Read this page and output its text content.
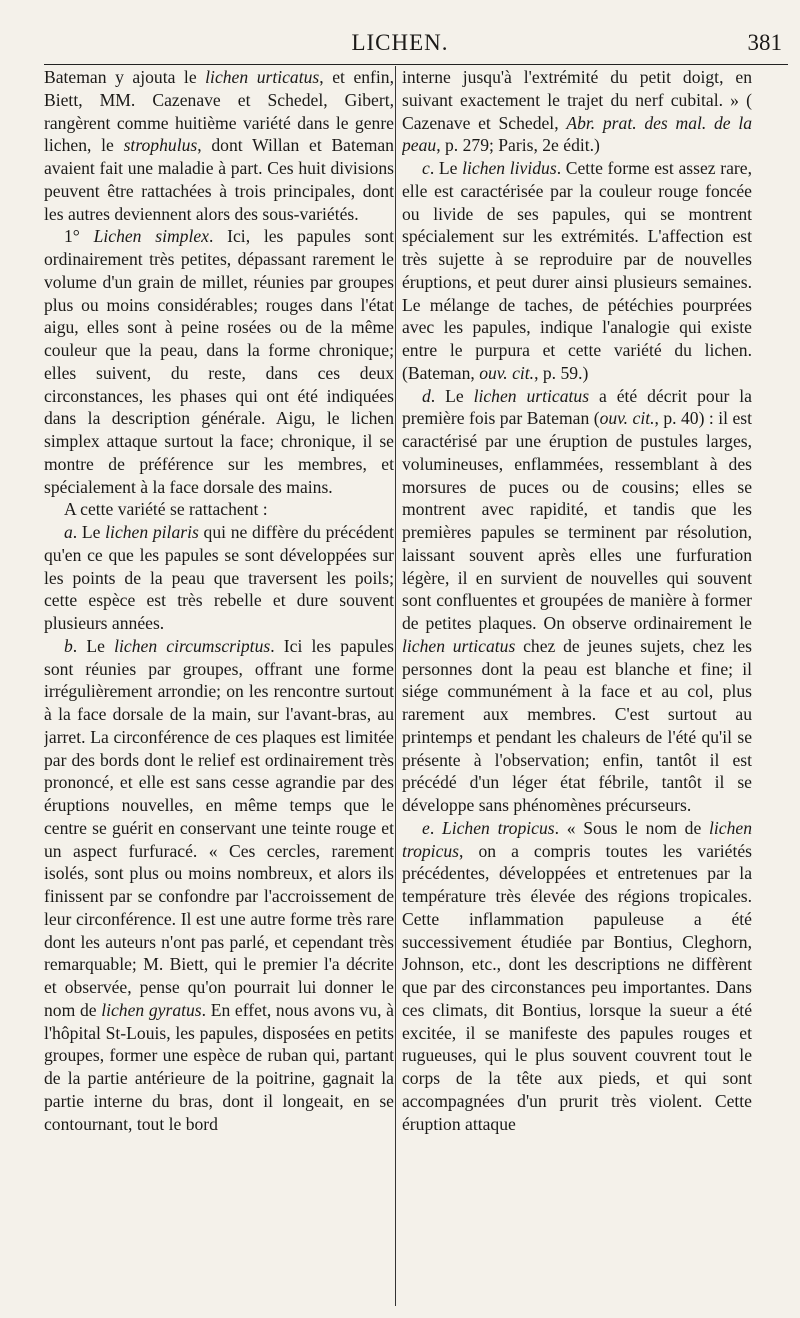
LICHEN.	381

Bateman y ajouta le lichen urticatus, et enfin, Biett, MM. Cazenave et Schedel, Gibert, rangèrent comme huitième variété dans le genre lichen, le strophulus, dont Willan et Bateman avaient fait une maladie à part. Ces huit divisions peuvent être rattachées à trois principales, dont les autres deviennent alors des sous-variétés.

1° Lichen simplex. Ici, les papules sont ordinairement très petites, dépassant rarement le volume d'un grain de millet, réunies par groupes plus ou moins considérables; rouges dans l'état aigu, elles sont à peine rosées ou de la même couleur que la peau, dans la forme chronique; elles suivent, du reste, dans ces deux circonstances, les phases qui ont été indiquées dans la description générale. Aigu, le lichen simplex attaque surtout la face; chronique, il se montre de préférence sur les membres, et spécialement à la face dorsale des mains.

A cette variété se rattachent :

a. Le lichen pilaris qui ne diffère du précédent qu'en ce que les papules se sont développées sur les points de la peau que traversent les poils; cette espèce est très rebelle et dure souvent plusieurs années.

b. Le lichen circumscriptus. Ici les papules sont réunies par groupes, offrant une forme irrégulièrement arrondie; on les rencontre surtout à la face dorsale de la main, sur l'avant-bras, au jarret. La circonférence de ces plaques est limitée par des bords dont le relief est ordinairement très prononcé, et elle est sans cesse agrandie par des éruptions nouvelles, en même temps que le centre se guérit en conservant une teinte rouge et un aspect furfuracé. « Ces cercles, rarement isolés, sont plus ou moins nombreux, et alors ils finissent par se confondre par l'accroissement de leur circonférence. Il est une autre forme très rare dont les auteurs n'ont pas parlé, et cependant très remarquable; M. Biett, qui le premier l'a décrite et observée, pense qu'on pourrait lui donner le nom de lichen gyratus. En effet, nous avons vu, à l'hôpital St-Louis, les papules, disposées en petits groupes, former une espèce de ruban qui, partant de la partie antérieure de la poitrine, gagnait la partie interne du bras, dont il longeait, en se contournant, tout le bord

interne jusqu'à l'extrémité du petit doigt, en suivant exactement le trajet du nerf cubital. » ( Cazenave et Schedel, Abr. prat. des mal. de la peau, p. 279; Paris, 2e édit.)

c. Le lichen lividus. Cette forme est assez rare, elle est caractérisée par la couleur rouge foncée ou livide de ses papules, qui se montrent spécialement sur les extrémités. L'affection est très sujette à se reproduire par de nouvelles éruptions, et peut durer ainsi plusieurs semaines. Le mélange de taches, de pétéchies pourprées avec les papules, indique l'analogie qui existe entre le purpura et cette variété du lichen. (Bateman, ouv. cit., p. 59.)

d. Le lichen urticatus a été décrit pour la première fois par Bateman (ouv. cit., p. 40) : il est caractérisé par une éruption de pustules larges, volumineuses, enflammées, ressemblant à des morsures de puces ou de cousins; elles se montrent avec rapidité, et tandis que les premières papules se terminent par résolution, laissant souvent après elles une furfuration légère, il en survient de nouvelles qui souvent sont confluentes et groupées de manière à former de petites plaques. On observe ordinairement le lichen urticatus chez de jeunes sujets, chez les personnes dont la peau est blanche et fine; il siége communément à la face et au col, plus rarement aux membres. C'est surtout au printemps et pendant les chaleurs de l'été qu'il se présente à l'observation; enfin, tantôt il est précédé d'un léger état fébrile, tantôt il se développe sans phénomènes précurseurs.

e. Lichen tropicus. « Sous le nom de lichen tropicus, on a compris toutes les variétés précédentes, développées et entretenues par la température très élevée des régions tropicales. Cette inflammation papuleuse a été successivement étudiée par Bontius, Cleghorn, Johnson, etc., dont les descriptions ne diffèrent que par des circonstances peu importantes. Dans ces climats, dit Bontius, lorsque la sueur a été excitée, il se manifeste des papules rouges et rugueuses, qui le plus souvent couvrent tout le corps de la tête aux pieds, et qui sont accompagnées d'un prurit très violent. Cette éruption attaque
